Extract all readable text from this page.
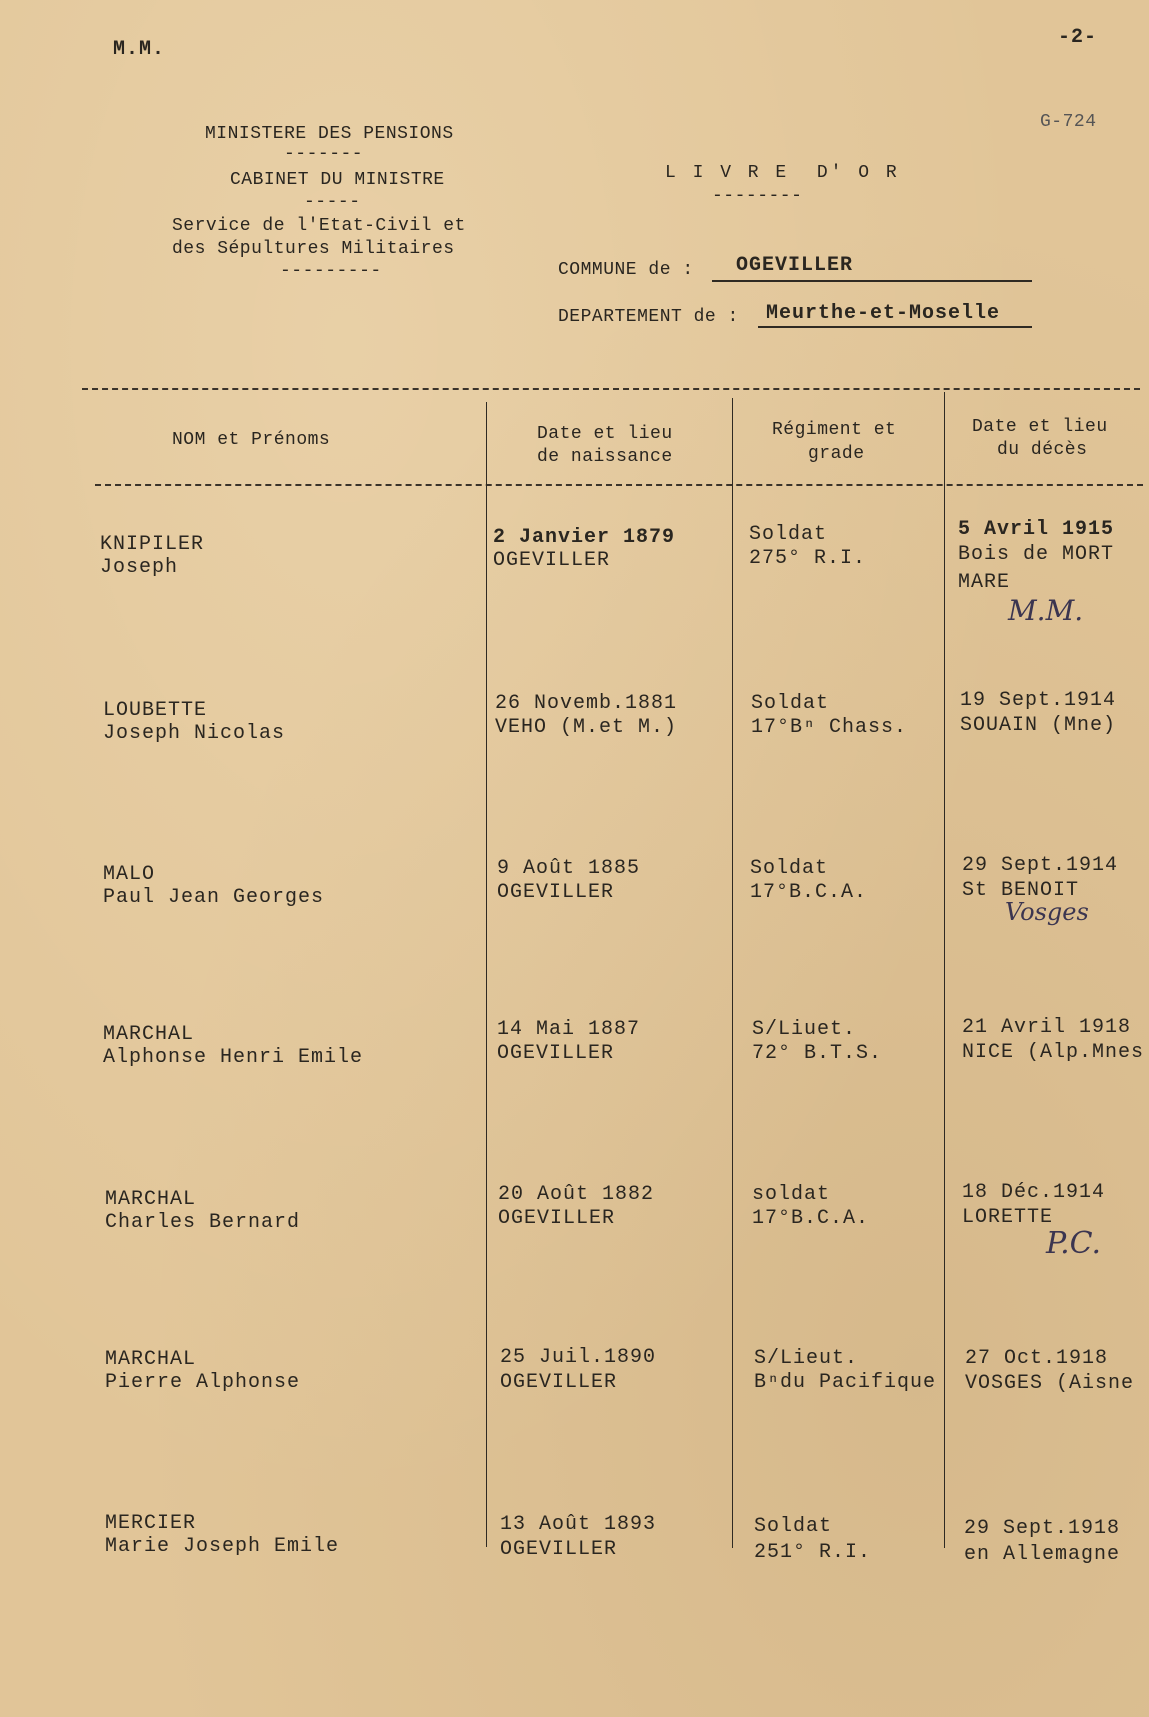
M.M.
-2-
G-724
MINISTERE DES PENSIONS
-------
CABINET DU MINISTRE
-----
Service de l'Etat-Civil et
des Sépultures Militaires
---------
L I V R E  D' O R
--------
COMMUNE de : OGEVILLER
DEPARTEMENT de : Meurthe-et-Moselle
NOM et Prénoms	Date et lieu
de naissance
Régiment et
grade
Date et lieu
du décès
KNIPILER
Joseph
2 Janvier 1879
OGEVILLER
Soldat
275° R.I.
5 Avril 1915
Bois de MORT
MARE
M.M.
LOUBETTE
Joseph Nicolas
26 Novemb.1881
VEHO (M.et M.)
Soldat
17°Bⁿ Chass.
19 Sept.1914
SOUAIN (Mne)
MALO
Paul Jean Georges
9 Août 1885
OGEVILLER
Soldat
17°B.C.A.
29 Sept.1914
St BENOIT
Vosges
MARCHAL
Alphonse Henri Emile
14 Mai 1887
OGEVILLER
S/Liuet.
72° B.T.S.
21 Avril 1918
NICE (Alp.Mnes
MARCHAL
Charles Bernard
20 Août 1882
OGEVILLER
soldat
17°B.C.A.
18 Déc.1914
LORETTE
P.C.
MARCHAL
Pierre Alphonse
25 Juil.1890
OGEVILLER
S/Lieut.
Bⁿdu Pacifique
27 Oct.1918
VOSGES (Aisne
MERCIER
Marie Joseph Emile
13 Août 1893
OGEVILLER
Soldat
251° R.I.
29 Sept.1918
en Allemagne
